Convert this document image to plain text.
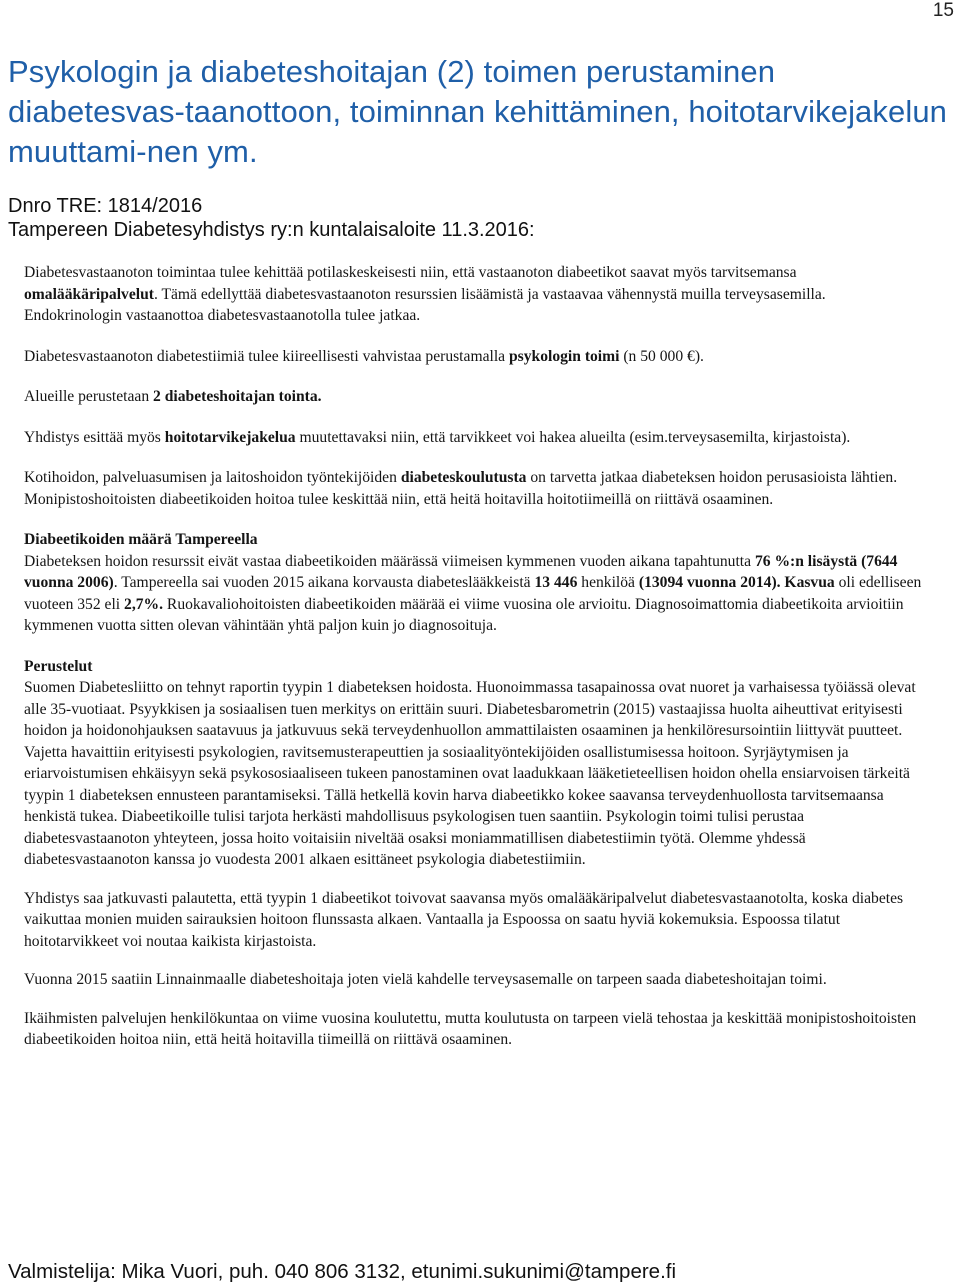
15
Psykologin ja diabeteshoitajan (2) toimen perustaminen diabetesvas-taanottoon, toiminnan kehittäminen, hoitotarvikejakelun muuttami-nen ym.
Dnro TRE: 1814/2016
Tampereen Diabetesyhdistys ry:n kuntalaisaloite 11.3.2016:

Diabetesvastaanoton toimintaa tulee kehittää potilaskeskeisesti niin, että vastaanoton diabeetikot saavat myös tarvitsemansa omalääkäripalvelut. Tämä edellyttää diabetesvastaanoton resurssien lisäämistä ja vastaavaa vähennystä muilla terveysasemilla. Endokrinologin vastaanottoa diabetesvastaanotolla tulee jatkaa.

Diabetesvastaanoton diabetestiimiä tulee kiireellisesti vahvistaa perustamalla psykologin toimi (n 50 000 €).

Alueille perustetaan 2 diabeteshoitajan tointa.

Yhdistys esittää myös hoitotarvikejakelua muutettavaksi niin, että tarvikkeet voi hakea alueilta (esim.terveysasemilta, kirjastoista).

Kotihoidon, palveluasumisen ja laitoshoidon työntekijöiden diabeteskoulutusta on tarvetta jatkaa diabeteksen hoidon perusasioista lähtien. Monipistoshoitoisten diabeetikoiden hoitoa tulee keskittää niin, että heitä hoitavilla hoitotiimeillä on riittävä osaaminen.

Diabeetikoiden määrä Tampereella
Diabeteksen hoidon resurssit eivät vastaa diabeetikoiden määrässä viimeisen kymmenen vuoden aikana tapahtunutta 76 %:n lisäystä (7644 vuonna 2006). Tampereella sai vuoden 2015 aikana korvausta diabeteslääkkeistä 13 446 henkilöä (13094 vuonna 2014). Kasvua oli edelliseen vuoteen 352 eli 2,7%. Ruokavaliohoitoisten diabeetikoiden määrää ei viime vuosina ole arvioitu. Diagnosoimattomia diabeetikoita arvioitiin kymmenen vuotta sitten olevan vähintään yhtä paljon kuin jo diagnosoituja.

Perustelut
Suomen Diabetesliitto on tehnyt raportin tyypin 1 diabeteksen hoidosta. Huonoimmassa tasapainossa ovat nuoret ja varhaisessa työiässä olevat alle 35-vuotiaat. Psyykkisen ja sosiaalisen tuen merkitys on erittäin suuri. Diabetesbarometrin (2015) vastaajissa huolta aiheuttivat erityisesti hoidon ja hoidonohjauksen saatavuus ja jatkuvuus sekä terveydenhuollon ammattilaisten osaaminen ja henkilöresursointiin liittyvät puutteet. Vajetta havaittiin erityisesti psykologien, ravitsemusterapeuttien ja sosiaalityöntekijöiden osallistumisessa hoitoon. Syrjäytymisen ja eriarvoistumisen ehkäisyyn sekä psykososiaaliseen tukeen panostaminen ovat laadukkaan lääketieteellisen hoidon ohella ensiarvoisen tärkeitä tyypin 1 diabeteksen ennusteen parantamiseksi. Tällä hetkellä kovin harva diabeetikko kokee saavansa terveydenhuollosta tarvitsemaansa henkistä tukea. Diabeetikoille tulisi tarjota herkästi mahdollisuus psykologisen tuen saantiin. Psykologin toimi tulisi perustaa diabetesvastaanoton yhteyteen, jossa hoito voitaisiin niveltää osaksi moniammatillisen diabetestiimin työtä. Olemme yhdessä diabetesvastaanoton kanssa jo vuodesta 2001 alkaen esittäneet psykologia diabetestiimiin.

Yhdistys saa jatkuvasti palautetta, että tyypin 1 diabeetikot toivovat saavansa myös omalääkäripalvelut diabetesvastaanotolta, koska diabetes vaikuttaa monien muiden sairauksien hoitoon flunssasta alkaen. Vantaalla ja Espoossa on saatu hyviä kokemuksia. Espoossa tilatut hoitotarvikkeet voi noutaa kaikista kirjastoista.

Vuonna 2015 saatiin Linnainmaalle diabeteshoitaja joten vielä kahdelle terveysasemalle on tarpeen saada diabeteshoitajan toimi.

Ikäihmisten palvelujen henkilökuntaa on viime vuosina koulutettu, mutta koulutusta on tarpeen vielä tehostaa ja keskittää monipistoshoitoisten diabeetikoiden hoitoa niin, että heitä hoitavilla tiimeillä on riittävä osaaminen.

Valmistelija: Mika Vuori, puh. 040 806 3132, etunimi.sukunimi@tampere.fi
